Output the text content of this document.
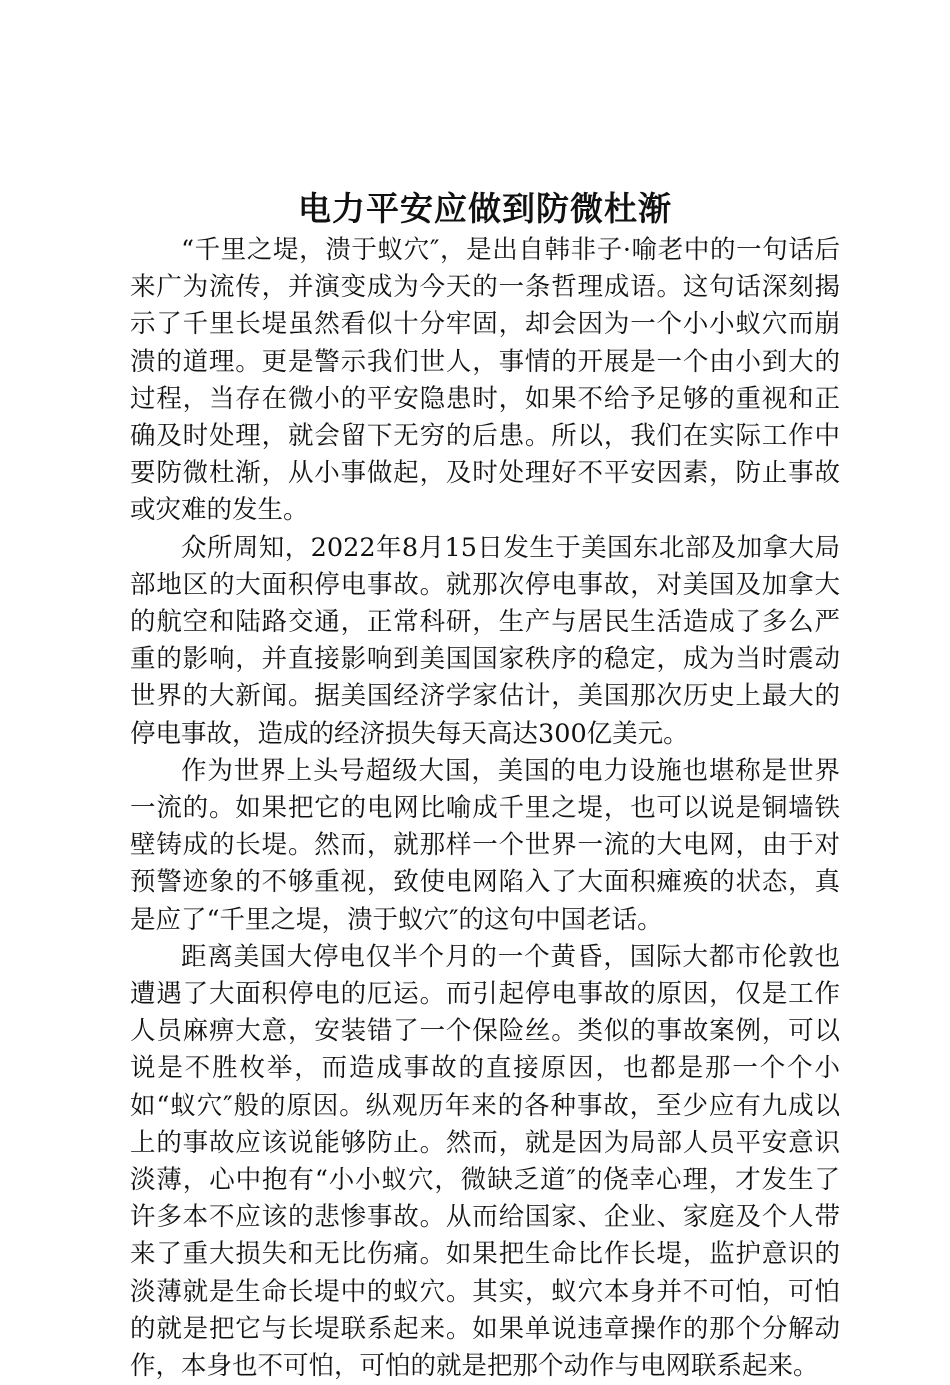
电力平安应做到防微杜渐

“千里之堤，溃于蚁穴″，是出自韩非子·喻老中的一句话后来广为流传，并演变成为今天的一条哲理成语。这句话深刻揭示了千里长堤虽然看似十分牢固，却会因为一个小小蚁穴而崩溃的道理。更是警示我们世人，事情的开展是一个由小到大的过程，当存在微小的平安隐患时，如果不给予足够的重视和正确及时处理，就会留下无穷的后患。所以，我们在实际工作中要防微杜渐，从小事做起，及时处理好不平安因素，防止事故或灾难的发生。

众所周知，2022年8月15日发生于美国东北部及加拿大局部地区的大面积停电事故。就那次停电事故，对美国及加拿大的航空和陆路交通，正常科研，生产与居民生活造成了多么严重的影响，并直接影响到美国国家秩序的稳定，成为当时震动世界的大新闻。据美国经济学家估计，美国那次历史上最大的停电事故，造成的经济损失每天高达300亿美元。

作为世界上头号超级大国，美国的电力设施也堪称是世界一流的。如果把它的电网比喻成千里之堤，也可以说是铜墙铁壁铸成的长堤。然而，就那样一个世界一流的大电网，由于对预警迹象的不够重视，致使电网陷入了大面积瘫痪的状态，真是应了“千里之堤，溃于蚁穴″的这句中国老话。

距离美国大停电仅半个月的一个黄昏，国际大都市伦敦也遭遇了大面积停电的厄运。而引起停电事故的原因，仅是工作人员麻痹大意，安装错了一个保险丝。类似的事故案例，可以说是不胜枚举，而造成事故的直接原因，也都是那一个个小如“蚁穴″般的原因。纵观历年来的各种事故，至少应有九成以上的事故应该说能够防止。然而，就是因为局部人员平安意识淡薄，心中抱有“小小蚁穴，微缺乏道″的侥幸心理，才发生了许多本不应该的悲惨事故。从而给国家、企业、家庭及个人带来了重大损失和无比伤痛。如果把生命比作长堤，监护意识的淡薄就是生命长堤中的蚁穴。其实，蚁穴本身并不可怕，可怕的就是把它与长堤联系起来。如果单说违章操作的那个分解动作，本身也不可怕，可怕的就是把那个动作与电网联系起来。
